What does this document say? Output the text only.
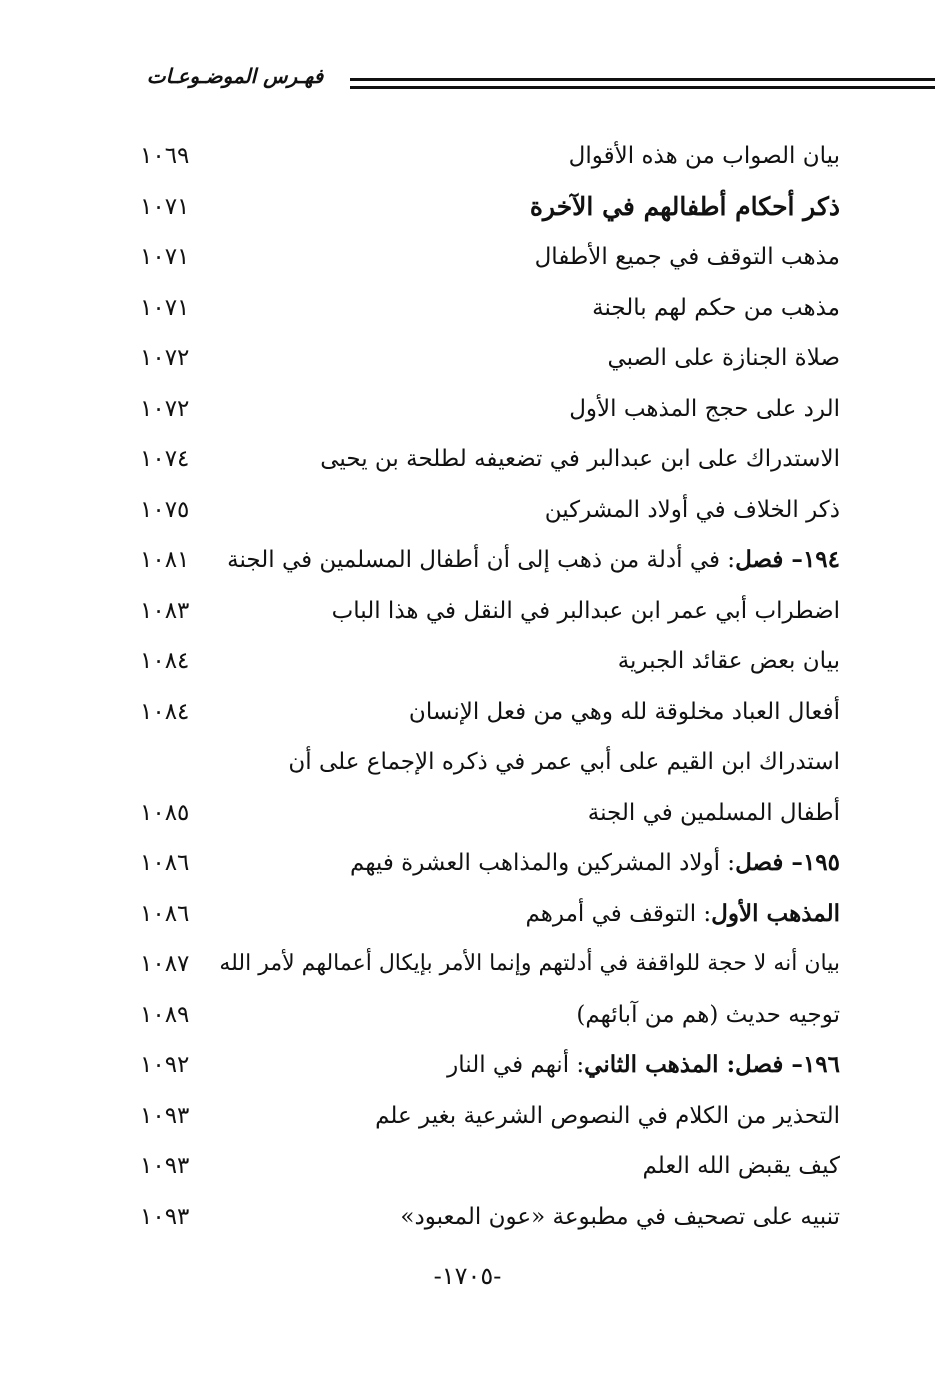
فهـرس الموضـوعـات
بيان الصواب من هذه الأقوال
١٠٦٩
ذكر أحكام أطفالهم في الآخرة
١٠٧١
مذهب التوقف في جميع الأطفال
١٠٧١
مذهب من حكم لهم بالجنة
١٠٧١
صلاة الجنازة على الصبي
١٠٧٢
الرد على حجج المذهب الأول
١٠٧٢
الاستدراك على ابن عبدالبر في تضعيفه لطلحة بن يحيى
١٠٧٤
ذكر الخلاف في أولاد المشركين
١٠٧٥
١٩٤– فصل: في أدلة من ذهب إلى أن أطفال المسلمين في الجنة
١٠٨١
اضطراب أبي عمر ابن عبدالبر في النقل في هذا الباب
١٠٨٣
بيان بعض عقائد الجبرية
١٠٨٤
أفعال العباد مخلوقة لله وهي من فعل الإنسان
١٠٨٤
استدراك ابن القيم على أبي عمر في ذكره الإجماع على أن
أطفال المسلمين في الجنة
١٠٨٥
١٩٥– فصل: أولاد المشركين والمذاهب العشرة فيهم
١٠٨٦
المذهب الأول: التوقف في أمرهم
١٠٨٦
بيان أنه لا حجة للواقفة في أدلتهم وإنما الأمر بإيكال أعمالهم لأمر الله
١٠٨٧
توجيه حديث (هم من آبائهم)
١٠٨٩
١٩٦– فصل: المذهب الثاني: أنهم في النار
١٠٩٢
التحذير من الكلام في النصوص الشرعية بغير علم
١٠٩٣
كيف يقبض الله العلم
١٠٩٣
تنبيه على تصحيف في مطبوعة «عون المعبود»
١٠٩٣
-١٧٠٥-
